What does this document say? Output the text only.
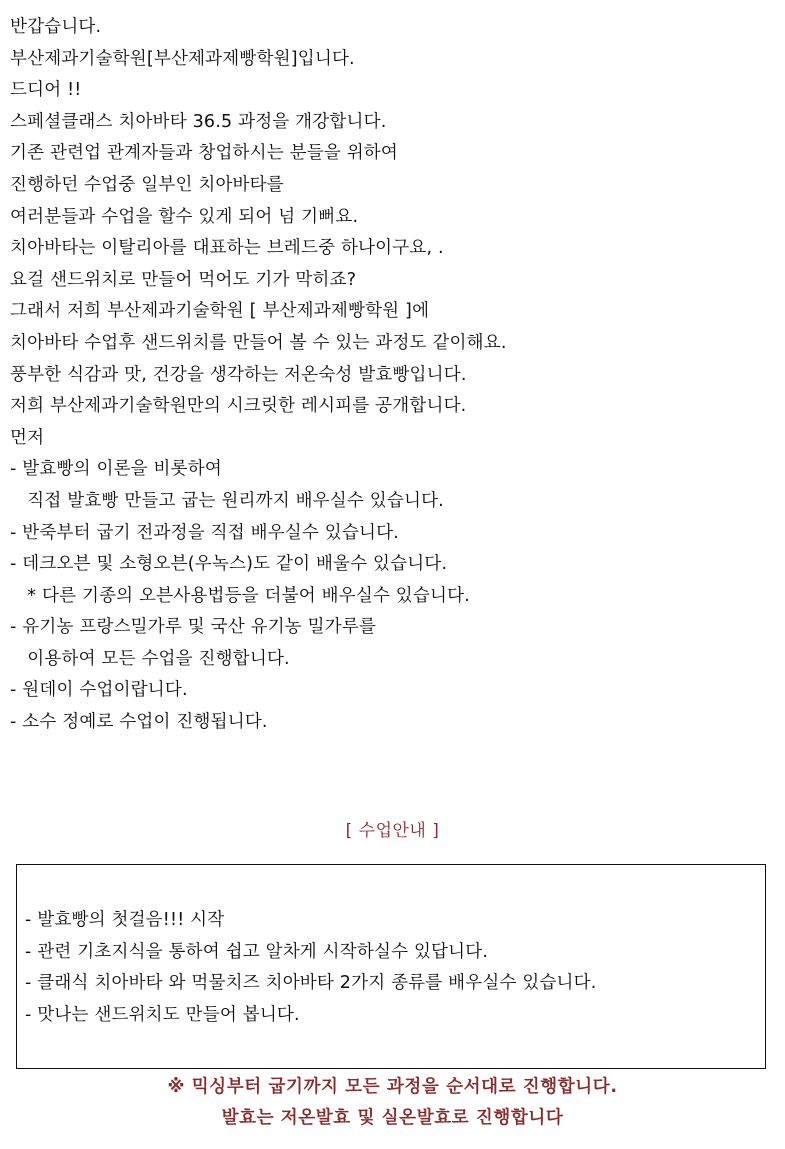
반갑습니다.
부산제과기술학원[부산제과제빵학원]입니다.
드디어 !!
스페셜클래스 치아바타 36.5 과정을 개강합니다.
기존 관련업 관계자들과 창업하시는 분들을 위하여
진행하던 수업중 일부인 치아바타를
여러분들과 수업을 할수 있게 되어 넘 기뻐요.
치아바타는 이탈리아를 대표하는 브레드중 하나이구요, .
요걸 샌드위치로 만들어 먹어도 기가 막히죠?
그래서 저희 부산제과기술학원 [ 부산제과제빵학원 ]에
치아바타 수업후 샌드위치를 만들어 볼 수 있는 과정도 같이해요.
풍부한 식감과 맛, 건강을 생각하는 저온숙성 발효빵입니다.
저희 부산제과기술학원만의 시크릿한 레시피를 공개합니다.
먼저
- 발효빵의 이론을 비롯하여
직접 발효빵 만들고 굽는 원리까지 배우실수 있습니다.
- 반죽부터 굽기 전과정을 직접 배우실수 있습니다.
- 데크오븐 및 소형오븐(우녹스)도 같이 배울수 있습니다.
* 다른 기종의 오븐사용법등을 더불어 배우실수 있습니다.
- 유기농 프랑스밀가루 및 국산 유기농 밀가루를
이용하여 모든 수업을 진행합니다.
- 원데이 수업이랍니다.
- 소수 정예로 수업이 진행됩니다.
[ 수업안내 ]
- 발효빵의 첫걸음!!! 시작
- 관련 기초지식을 통하여 쉽고 알차게 시작하실수 있답니다.
- 클래식 치아바타 와 먹물치즈 치아바타 2가지 종류를 배우실수 있습니다.
- 맛나는 샌드위치도 만들어 봅니다.
※ 믹싱부터 굽기까지 모든 과정을 순서대로 진행합니다.
발효는 저온발효 및 실온발효로 진행합니다
